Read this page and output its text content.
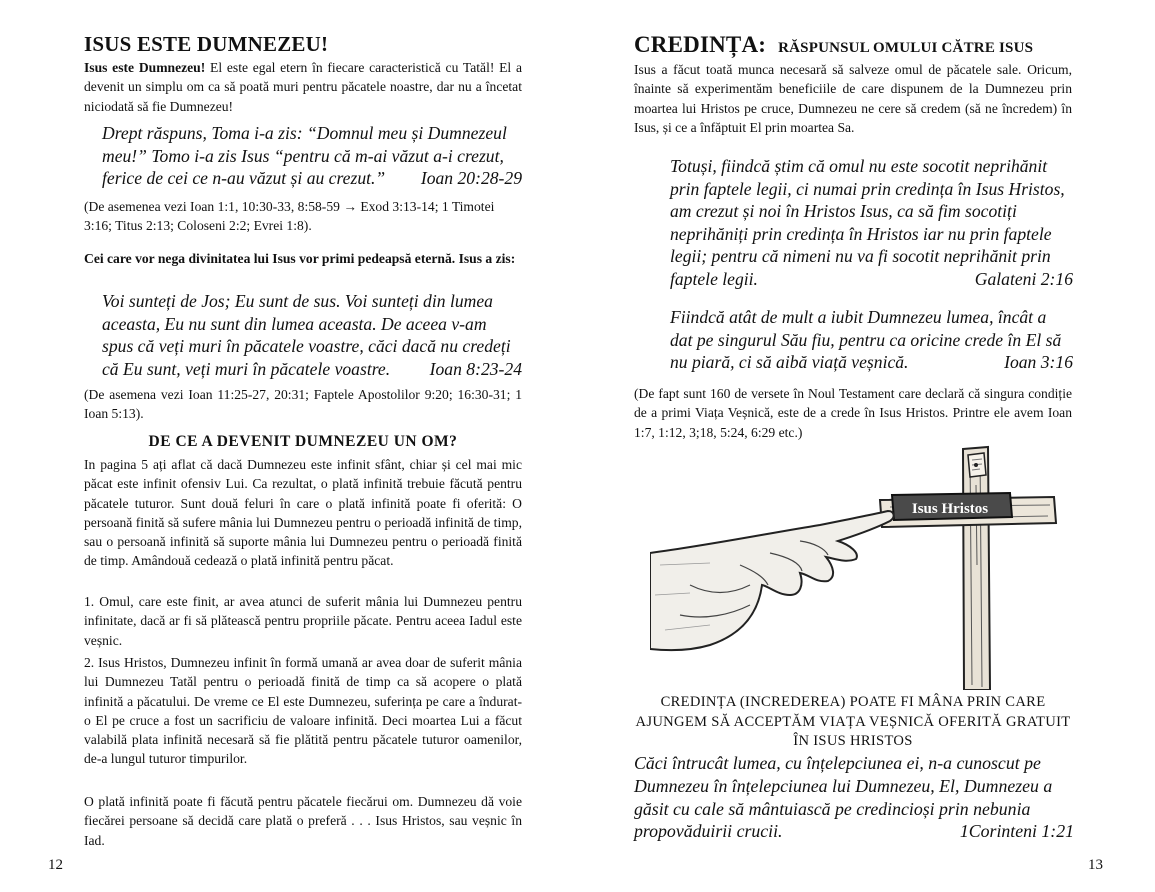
ISUS ESTE DUMNEZEU!
Isus este Dumnezeu! El este egal etern în fiecare caracteristică cu Tatăl! El a devenit un simplu om ca să poată muri pentru păcatele noastre, dar nu a încetat niciodată să fie Dumnezeu!
Drept răspuns, Toma i-a zis: “Domnul meu și Dumnezeul meu!” Tomo i-a zis Isus “pentru că m-ai văzut a-i crezut, ferice de cei ce n-au văzut și au crezut.” Ioan 20:28-29
(De asemenea vezi Ioan 1:1, 10:30-33, 8:58-59 → Exod 3:13-14; 1 Timotei 3:16; Titus 2:13; Coloseni 2:2; Evrei 1:8).
Cei care vor nega divinitatea lui Isus vor primi pedeapsă eternă. Isus a zis:
Voi sunteți de Jos; Eu sunt de sus. Voi sunteți din lumea aceasta, Eu nu sunt din lumea aceasta. De aceea v-am spus că veți muri în păcatele voastre, căci dacă nu credeți că Eu sunt, veți muri în păcatele voastre. Ioan 8:23-24
(De asemena vezi Ioan 11:25-27, 20:31; Faptele Apostolilor 9:20; 16:30-31; 1 Ioan 5:13).
DE CE A DEVENIT DUMNEZEU UN OM?
In pagina 5 ați aflat că dacă Dumnezeu este infinit sfânt, chiar și cel mai mic păcat este infinit ofensiv Lui. Ca rezultat, o plată infinită trebuie făcută pentru păcatele tuturor. Sunt două feluri în care o plată infinită poate fi oferită: O persoană finită să sufere mânia lui Dumnezeu pentru o perioadă infinită de timp, sau o persoană infinită să suporte mânia lui Dumnezeu pentru o perioadă finită de timp. Amândouă cedează o plată infinită pentru păcat.
1. Omul, care este finit, ar avea atunci de suferit mânia lui Dumnezeu pentru infinitate, dacă ar fi să plătească pentru propriile păcate. Pentru aceea Iadul este veșnic.
2. Isus Hristos, Dumnezeu infinit în formă umană ar avea doar de suferit mânia lui Dumnezeu Tatăl pentru o perioadă finită de timp ca să acopere o plată infinită a păcatului. De vreme ce El este Dumnezeu, suferința pe care a îndurat-o El pe cruce a fost un sacrificiu de valoare infinită. Deci moartea Lui a făcut valabilă plata infinită necesară să fie plătită pentru păcatele tuturor oamenilor, de-a lungul tuturor timpurilor.
O plată infinită poate fi făcută pentru păcatele fiecărui om. Dumnezeu dă voie fiecărei persoane să decidă care plată o preferă . . . Isus Hristos, sau veșnic în Iad.
12
CREDINȚA: RĂSPUNSUL OMULUI CĂTRE ISUS
Isus a făcut toată munca necesară să salveze omul de păcatele sale. Oricum, înainte să experimentăm beneficiile de care dispunem de la Dumnezeu prin moartea lui Hristos pe cruce, Dumnezeu ne cere să credem (să ne încredem) în Isus, și ce a înfăptuit El prin moartea Sa.
Totuși, fiindcă știm că omul nu este socotit neprihănit prin faptele legii, ci numai prin credința în Isus Hristos, am crezut și noi în Hristos Isus, ca să fim socotiți neprihăniți prin credința în Hristos iar nu prin faptele legii; pentru că nimeni nu va fi socotit neprihănit prin faptele legii.	Galateni 2:16
Fiindcă atât de mult a iubit Dumnezeu lumea, încât a dat pe singurul Său fiu, pentru ca oricine crede în El să nu piară, ci să aibă viață veșnică.	Ioan 3:16
(De fapt sunt 160 de versete în Noul Testament care declară că singura condiție de a primi Viața Veșnică, este de a crede în Isus Hristos. Printre ele avem Ioan 1:7, 1:12, 3;18, 5:24, 6:29 etc.)
Isus Hristos
CREDINȚA (INCREDEREA) POATE FI MÂNA PRIN CARE AJUNGEM SĂ ACCEPTĂM VIAȚA VEȘNICĂ OFERITĂ GRATUIT ÎN ISUS HRISTOS
Căci întrucât lumea, cu înțelepciunea ei, n-a cunoscut pe Dumnezeu în înțelepciunea lui Dumnezeu, El, Dumnezeu a găsit cu cale să mântuiască pe credincioși prin nebunia propovăduirii crucii.	1Corinteni 1:21
13
